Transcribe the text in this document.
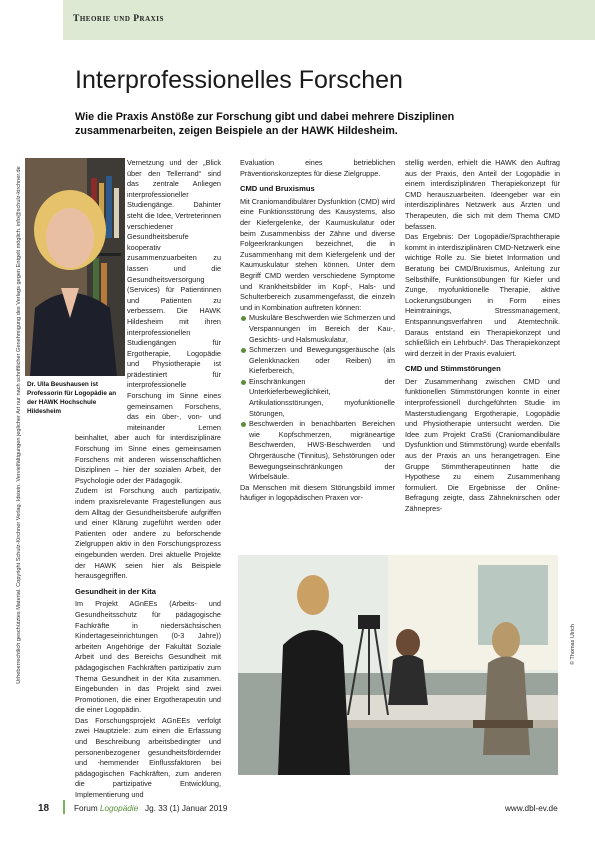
Theorie und Praxis
Urheberrechtlich geschütztes Material. Copyright Schulz-Kirchner Verlag. Idstein. Vervielfältigungen jeglicher Art nur nach schriftlicher Genehmigung des Verlags gegen Entgelt möglich. info@schulz-kirchner.de
Interprofessionelles Forschen
Wie die Praxis Anstöße zur Forschung gibt und dabei mehrere Disziplinen zusammenarbeiten, zeigen Beispiele an der HAWK Hildesheim.
Dr. Ulla Beushausen ist Professorin für Logopädie an der HAWK Hochschule Hildesheim

Vernetzung und der „Blick über den Tellerrand“ sind das zentrale Anliegen interprofessioneller Studiengänge. Dahinter steht die Idee, Vertreterinnen verschiedener Gesundheitsberufe kooperativ zusammenzuarbeiten zu lassen und die Gesundheitsversorgung (Services) für Patientinnen und Patienten zu verbessern. Die HAWK Hildesheim mit ihren interprofessionellen Studiengängen für Ergotherapie, Logopädie und Physiotherapie ist prädestiniert für interprofessionelle Forschung im Sinne eines gemeinsamen Forschens, das ein über-, von- und miteinander Lernen beinhaltet, aber auch für interdisziplinäre Forschung im Sinne eines gemeinsamen Forschens mit anderen wissenschaftlichen Disziplinen – hier der sozialen Arbeit, der Psychologie oder der Pädagogik.

Zudem ist Forschung auch partizipativ, indem praxisrelevante Fragestellungen aus dem Alltag der Gesundheitsberufe aufgriffen und einer Klärung zugeführt werden oder Patienten oder andere zu beforschende Zielgruppen aktiv in den Forschungsprozess eingebunden werden. Drei aktuelle Projekte der HAWK seien hier als Beispiele herausgegriffen.

Gesundheit in der Kita

Im Projekt AGnEEs (Arbeits- und Gesundheitsschutz für pädagogische Fachkräfte in niedersächsischen Kindertageseinrichtungen (0-3 Jahre)) arbeiten Angehörige der Fakultät Soziale Arbeit und des Bereichs Gesundheit mit pädagogischen Fachkräften partizipativ zum Thema Gesundheit in der Kita zusammen. Eingebunden in das Projekt sind zwei Promotionen, die einer Ergotherapeutin und die einer Logopädin.

Das Forschungsprojekt AGnEEs verfolgt zwei Hauptziele: zum einen die Erfassung und Beschreibung arbeitsbedingter und personenbezogener gesundheitsfördernder und -hemmender Einflussfaktoren bei pädagogischen Fachkräften, zum anderen die partizipative Entwicklung, Implementierung und

Evaluation eines betrieblichen Präventionskonzeptes für diese Zielgruppe.

CMD und Bruxismus

Mit Craniomandibulärer Dysfunktion (CMD) wird eine Funktionsstörung des Kausystems, also der Kiefergelenke, der Kaumuskulatur oder beim Zusammenbiss der Zähne und diverse Folgeerkrankungen bezeichnet, die in Zusammenhang mit dem Kiefergelenk und der Kaumuskulatur stehen können. Unter dem Begriff CMD werden verschiedene Symptome und Krankheitsbilder im Kopf-, Hals- und Schulterbereich zusammengefasst, die einzeln und in Kombination auftreten können:

Muskuläre Beschwerden wie Schmerzen und Verspannungen im Bereich der Kau-, Gesichts- und Halsmuskulatur,
Schmerzen und Bewegungsgeräusche (als Gelenkknacken oder Reiben) im Kieferbereich,
Einschränkungen der Unterkieferbeweglichkeit, Artikulationsstörungen, myofunktionelle Störungen,
Beschwerden in benachbarten Bereichen wie Kopfschmerzen, migräneartige Beschwerden, HWS-Beschwerden und Ohrgeräusche (Tinnitus), Sehstörungen oder Bewegungseinschränkungen der Wirbelsäule.

Da Menschen mit diesem Störungsbild immer häufiger in logopädischen Praxen vor-

stellig werden, erhielt die HAWK den Auftrag aus der Praxis, den Anteil der Logopädie in einem interdisziplinären Therapiekonzept für CMD herauszuarbeiten. Ideengeber war ein interdisziplinäres Netzwerk aus Ärzten und Therapeuten, die sich mit dem Thema CMD befassen.

Das Ergebnis: Der Logopädie/Sprachtherapie kommt in interdisziplinären CMD-Netzwerk eine wichtige Rolle zu. Sie bietet Information und Beratung bei CMD/Bruxismus, Anleitung zur Selbsthilfe, Funktionsübungen für Kiefer und Zunge, myofunktionelle Therapie, aktive Lockerungsübungen in Form eines Heimtrainings, Stressmanagement, Entspannungsverfahren und Atemtechnik. Daraus entstand ein Therapiekonzept und schließlich ein Lehrbuch¹. Das Therapiekonzept wird derzeit in der Praxis evaluiert.

CMD und Stimmstörungen

Der Zusammenhang zwischen CMD und funktionellen Stimmstörungen konnte in einer interprofessionell durchgeführten Studie im Masterstudiengang Ergotherapie, Logopädie und Physiotherapie untersucht werden. Die Idee zum Projekt CraSti (Craniomandibuläre Dysfunktion und Stimmstörung) wurde ebenfalls aus der Praxis an uns herangetragen. Eine Gruppe Stimmtherapeutinnen hatte die Hypothese zu einem Zusammenhang formuliert. Die Ergebnisse der Online-Befragung zeigte, dass Zähneknirschen oder Zähnepres-

© Thomas Ulrich
18	Forum Logopädie Jg. 33 (1) Januar 2019	www.dbl-ev.de
